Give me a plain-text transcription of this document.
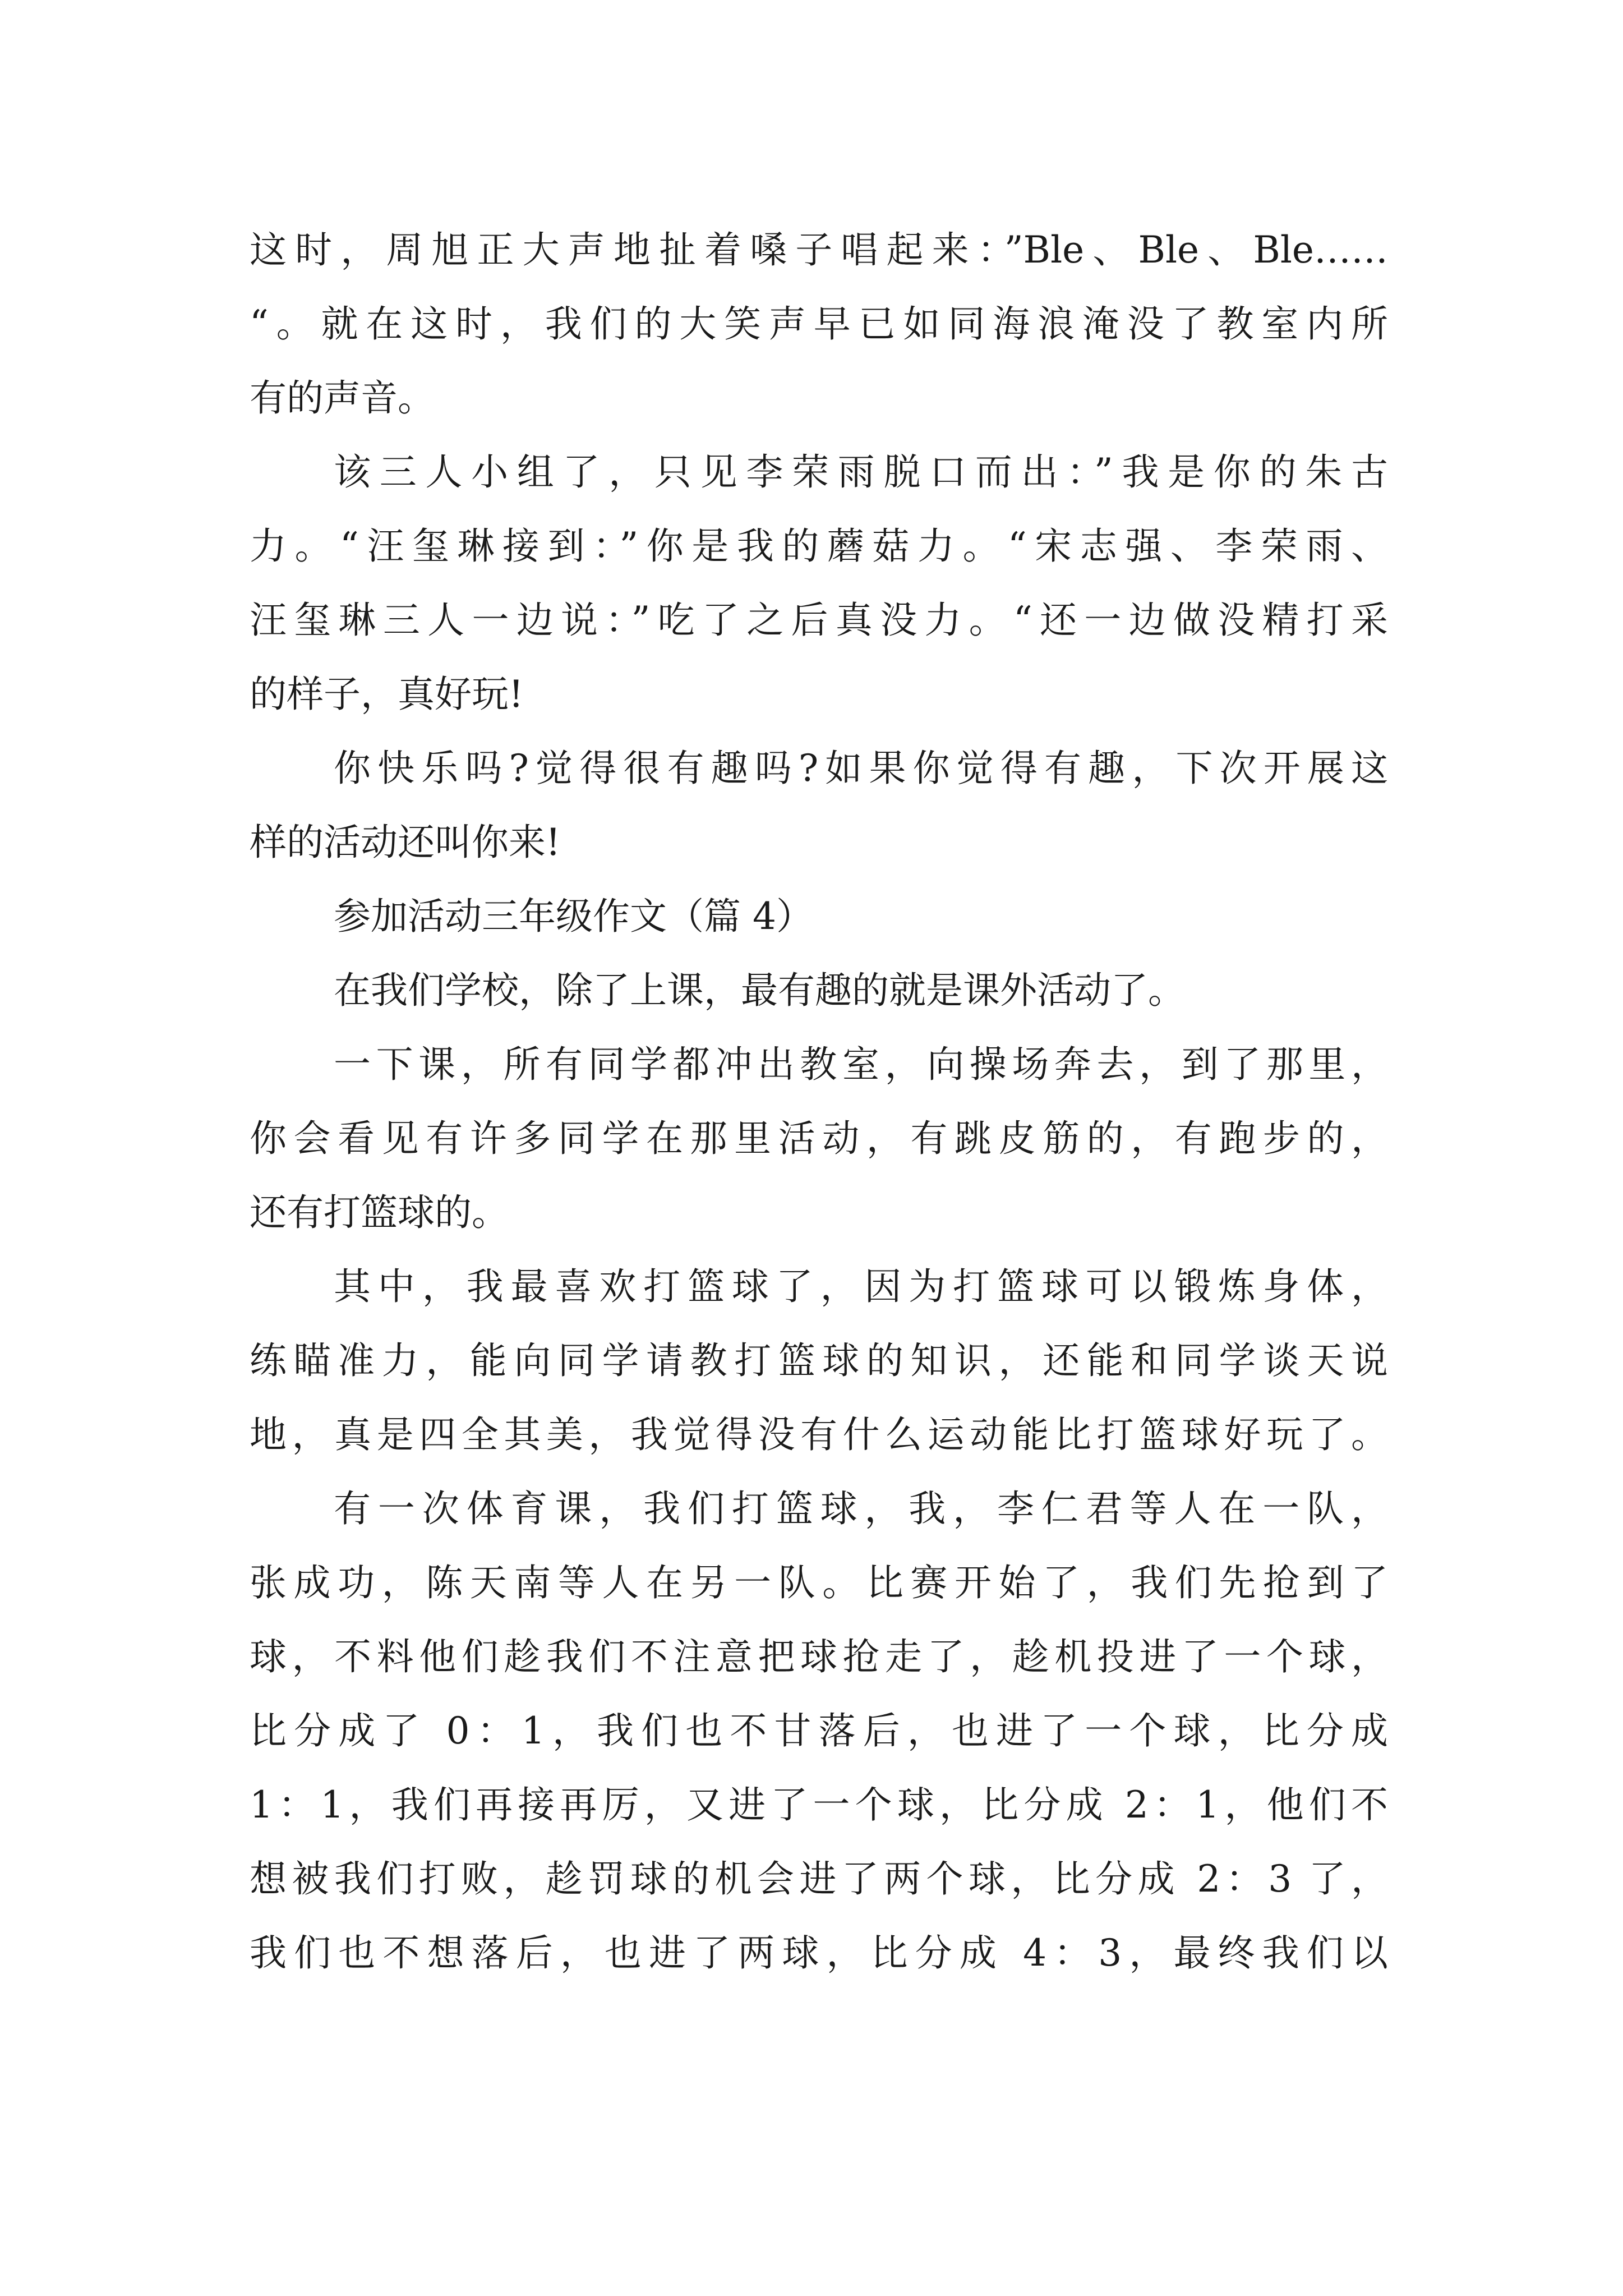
这时，周旭正大声地扯着嗓子唱起来：”Ble、Ble、Ble……
“。就在这时，我们的大笑声早已如同海浪淹没了教室内所
有的声音。
该三人小组了，只见李荣雨脱口而出：”我是你的朱古
力。“汪玺琳接到：”你是我的蘑菇力。“宋志强、李荣雨、
汪玺琳三人一边说：”吃了之后真没力。“还一边做没精打采
的样子，真好玩!
你快乐吗?觉得很有趣吗?如果你觉得有趣，下次开展这
样的活动还叫你来!
参加活动三年级作文（篇 4）
在我们学校，除了上课，最有趣的就是课外活动了。
一下课，所有同学都冲出教室，向操场奔去，到了那里，
你会看见有许多同学在那里活动，有跳皮筋的，有跑步的，
还有打篮球的。
其中，我最喜欢打篮球了，因为打篮球可以锻炼身体，
练瞄准力，能向同学请教打篮球的知识，还能和同学谈天说
地，真是四全其美，我觉得没有什么运动能比打篮球好玩了。
有一次体育课，我们打篮球，我，李仁君等人在一队，
张成功，陈天南等人在另一队。比赛开始了，我们先抢到了
球，不料他们趁我们不注意把球抢走了，趁机投进了一个球，
比分成了 0：1，我们也不甘落后，也进了一个球，比分成
1：1，我们再接再厉，又进了一个球，比分成 2：1，他们不
想被我们打败，趁罚球的机会进了两个球，比分成 2：3 了，
我们也不想落后，也进了两球，比分成 4：3，最终我们以
